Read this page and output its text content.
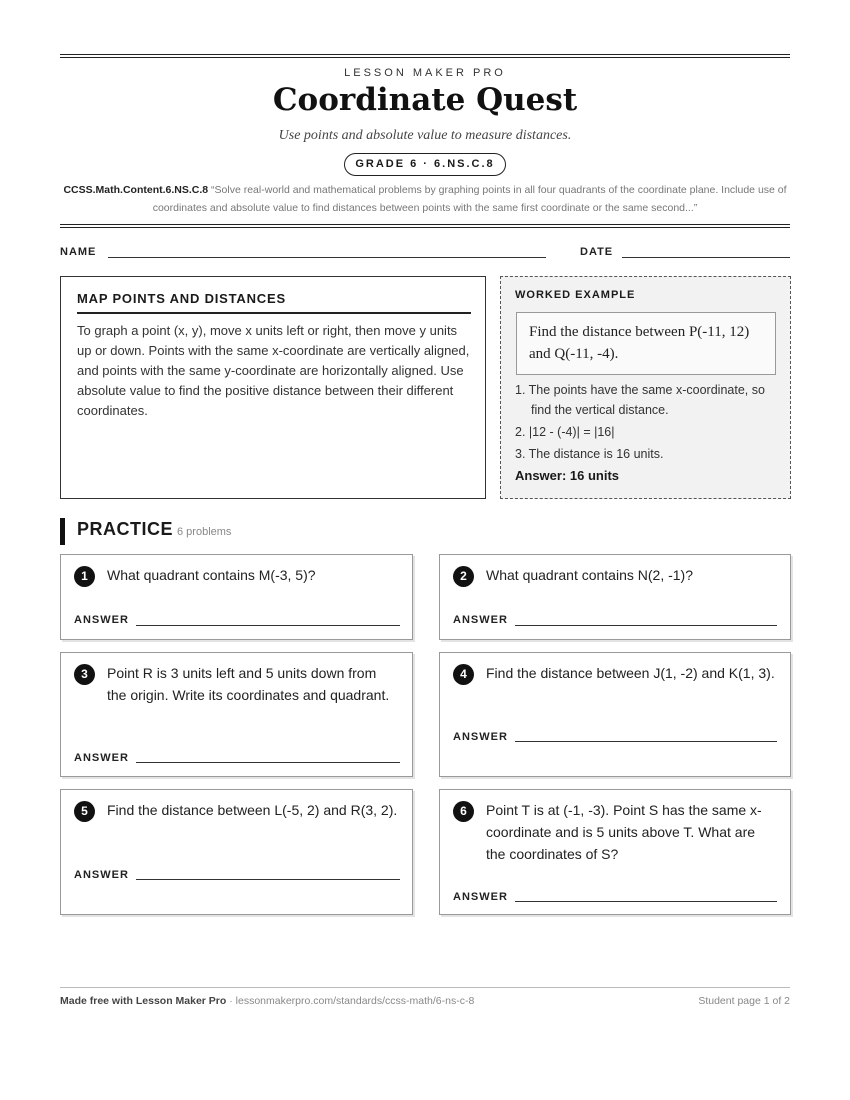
LESSON MAKER PRO
Coordinate Quest
Use points and absolute value to measure distances.
GRADE 6 · 6.NS.C.8
CCSS.Math.Content.6.NS.C.8 “Solve real-world and mathematical problems by graphing points in all four quadrants of the coordinate plane. Include use of coordinates and absolute value to find distances between points with the same first coordinate or the same second...”
NAME	DATE
MAP POINTS AND DISTANCES
To graph a point (x, y), move x units left or right, then move y units up or down. Points with the same x-coordinate are vertically aligned, and points with the same y-coordinate are horizontally aligned. Use absolute value to find the positive distance between their different coordinates.
WORKED EXAMPLE
Find the distance between P(-11, 12) and Q(-11, -4).
1. The points have the same x-coordinate, so find the vertical distance.
2. |12 - (-4)| = |16|
3. The distance is 16 units.
Answer: 16 units
PRACTICE 6 problems
1	What quadrant contains M(-3, 5)?
ANSWER
2	What quadrant contains N(2, -1)?
ANSWER
3	Point R is 3 units left and 5 units down from the origin. Write its coordinates and quadrant.
ANSWER
4	Find the distance between J(1, -2) and K(1, 3).
ANSWER
5	Find the distance between L(-5, 2) and R(3, 2).
ANSWER
6	Point T is at (-1, -3). Point S has the same x-coordinate and is 5 units above T. What are the coordinates of S?
ANSWER
Made free with Lesson Maker Pro · lessonmakerpro.com/standards/ccss-math/6-ns-c-8	Student page 1 of 2
